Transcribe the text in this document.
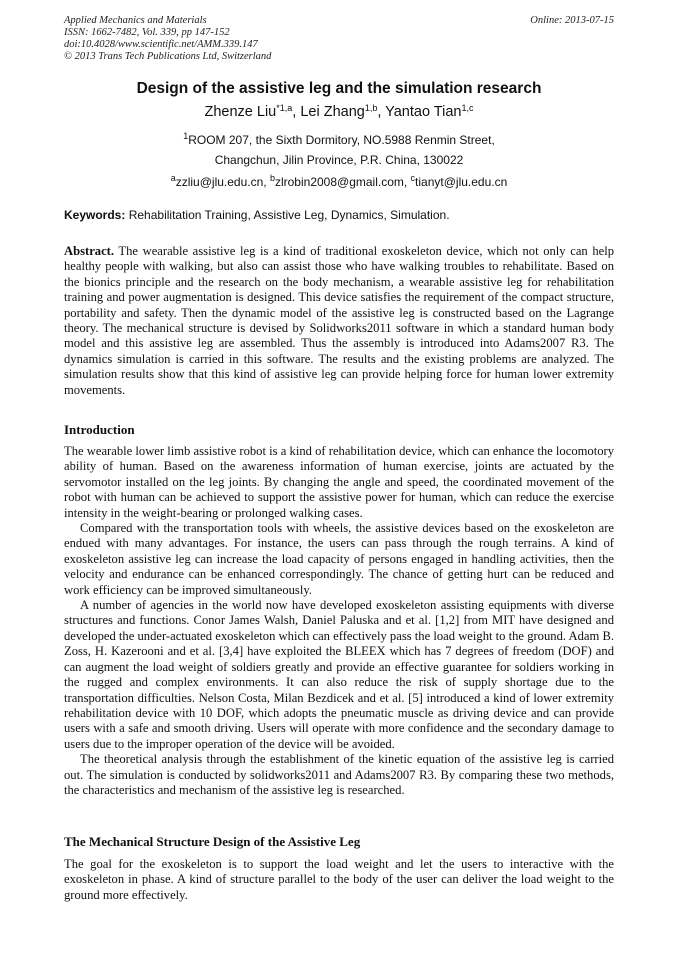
Applied Mechanics and Materials
ISSN: 1662-7482, Vol. 339, pp 147-152
doi:10.4028/www.scientific.net/AMM.339.147
© 2013 Trans Tech Publications Ltd, Switzerland
Online: 2013-07-15
Design of the assistive leg and the simulation research
Zhenze Liu$^{*1,a}$, Lei Zhang$^{1,b}$, Yantao Tian$^{1,c}$
$^1$ROOM 207, the Sixth Dormitory, NO.5988 Renmin Street,
Changchun, Jilin Province, P.R. China, 130022
$^a$zzliu@jlu.edu.cn, $^b$zlrobin2008@gmail.com, $^c$tianyt@jlu.edu.cn
Keywords: Rehabilitation Training, Assistive Leg, Dynamics, Simulation.
Abstract. The wearable assistive leg is a kind of traditional exoskeleton device, which not only can help healthy people with walking, but also can assist those who have walking troubles to rehabilitate. Based on the bionics principle and the research on the body mechanism, a wearable assistive leg for rehabilitation training and power augmentation is designed. This device satisfies the requirement of the compact structure, portability and safety. Then the dynamic model of the assistive leg is constructed based on the Lagrange theory. The mechanical structure is devised by Solidworks2011 software in which a standard human body model and this assistive leg are assembled. Thus the assembly is introduced into Adams2007 R3. The dynamics simulation is carried in this software. The results and the existing problems are analyzed. The simulation results show that this kind of assistive leg can provide helping force for human lower extremity movements.
Introduction

The wearable lower limb assistive robot is a kind of rehabilitation device, which can enhance the locomotory ability of human. Based on the awareness information of human exercise, joints are actuated by the servomotor installed on the leg joints. By changing the angle and speed, the coordinated movement of the robot with human can be achieved to support the assistive power for human, which can reduce the exercise intensity in the weight-bearing or prolonged walking cases.

Compared with the transportation tools with wheels, the assistive devices based on the exoskeleton are endued with many advantages. For instance, the users can pass through the rough terrains. A kind of exoskeleton assistive leg can increase the load capacity of persons engaged in handling activities, then the velocity and endurance can be enhanced correspondingly. The chance of getting hurt can be reduced and work efficiency can be improved simultaneously.

A number of agencies in the world now have developed exoskeleton assisting equipments with diverse structures and functions. Conor James Walsh, Daniel Paluska and et al. [1,2] from MIT have designed and developed the under-actuated exoskeleton which can effectively pass the load weight to the ground. Adam B. Zoss, H. Kazerooni and et al. [3,4] have exploited the BLEEX which has 7 degrees of freedom (DOF) and can augment the load weight of soldiers greatly and provide an effective guarantee for soldiers working in the rugged and complex environments. It can also reduce the risk of supply shortage due to the transportation difficulties. Nelson Costa, Milan Bezdicek and et al. [5] introduced a kind of lower extremity rehabilitation device with 10 DOF, which adopts the pneumatic muscle as driving device and can provide users with a safe and smooth driving. Users will operate with more confidence and the secondary damage to users due to the improper operation of the device will be avoided.

The theoretical analysis through the establishment of the kinetic equation of the assistive leg is carried out. The simulation is conducted by solidworks2011 and Adams2007 R3. By comparing these two methods, the characteristics and mechanism of the assistive leg is researched.

The Mechanical Structure Design of the Assistive Leg
The goal for the exoskeleton is to support the load weight and let the users to interactive with the exoskeleton in phase. A kind of structure parallel to the body of the user can deliver the load weight to the ground more effectively.
